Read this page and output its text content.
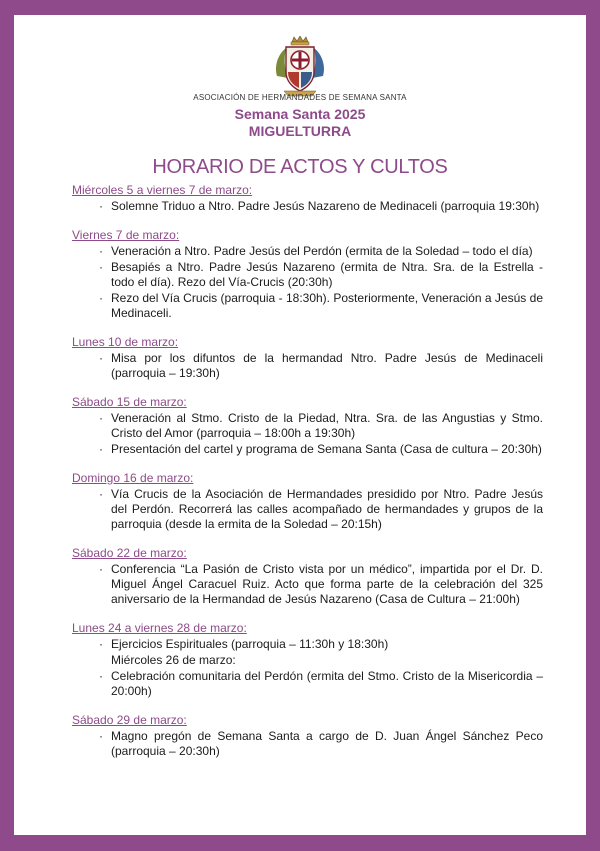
ASOCIACIÓN DE HERMANDADES DE SEMANA SANTA
Semana Santa 2025
MIGUELTURRA
HORARIO DE ACTOS Y CULTOS
Miércoles 5 a viernes 7 de marzo:
· Solemne Triduo a Ntro. Padre Jesús Nazareno de Medinaceli (parroquia 19:30h)
Viernes 7 de marzo:
· Veneración a Ntro. Padre Jesús del Perdón (ermita de la Soledad – todo el día)
· Besapiés a Ntro. Padre Jesús Nazareno (ermita de Ntra. Sra. de la Estrella - todo el día). Rezo del Vía-Crucis (20:30h)
· Rezo del Vía Crucis (parroquia - 18:30h). Posteriormente, Veneración a Jesús de Medinaceli.
Lunes 10 de marzo:
· Misa por los difuntos de la hermandad Ntro. Padre Jesús de Medinaceli (parroquia – 19:30h)
Sábado 15 de marzo:
· Veneración al Stmo. Cristo de la Piedad, Ntra. Sra. de las Angustias y Stmo. Cristo del Amor (parroquia – 18:00h a 19:30h)
· Presentación del cartel y programa de Semana Santa (Casa de cultura – 20:30h)
Domingo 16 de marzo:
· Vía Crucis de la Asociación de Hermandades presidido por Ntro. Padre Jesús del Perdón. Recorrerá las calles acompañado de hermandades y grupos de la parroquia (desde la ermita de la Soledad – 20:15h)
Sábado 22 de marzo:
· Conferencia “La Pasión de Cristo vista por un médico”, impartida por el Dr. D. Miguel Ángel Caracuel Ruiz. Acto que forma parte de la celebración del 325 aniversario de la Hermandad de Jesús Nazareno (Casa de Cultura – 21:00h)
Lunes 24 a viernes 28 de marzo:
· Ejercicios Espirituales (parroquia – 11:30h y 18:30h)
Miércoles 26 de marzo:
· Celebración comunitaria del Perdón (ermita del Stmo. Cristo de la Misericordia – 20:00h)
Sábado 29 de marzo:
· Magno pregón de Semana Santa a cargo de D. Juan Ángel Sánchez Peco (parroquia – 20:30h)
